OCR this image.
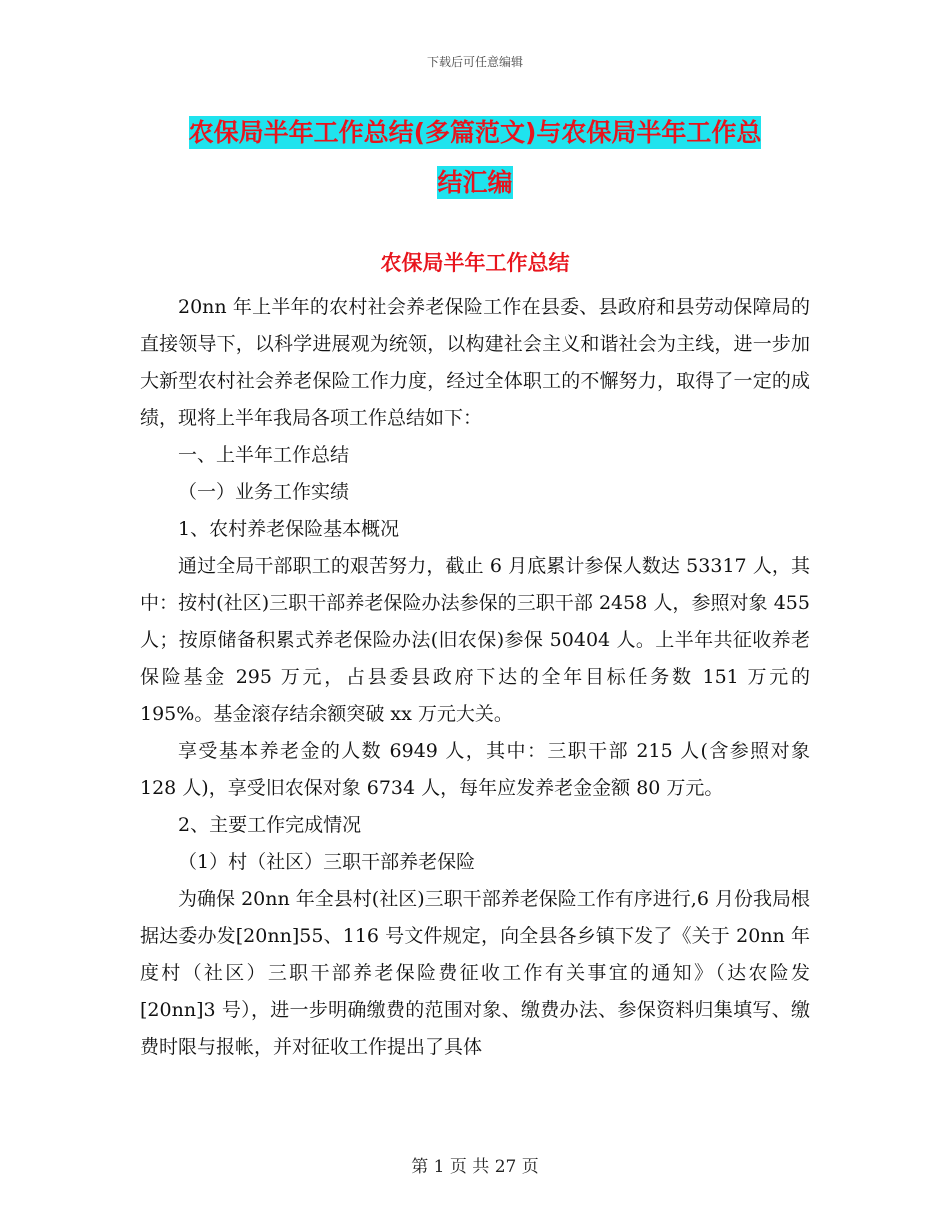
下载后可任意编辑
农保局半年工作总结(多篇范文)与农保局半年工作总
结汇编
农保局半年工作总结

20nn 年上半年的农村社会养老保险工作在县委、县政府和县劳动保障局的直接领导下，以科学进展观为统领，以构建社会主义和谐社会为主线，进一步加大新型农村社会养老保险工作力度，经过全体职工的不懈努力，取得了一定的成绩，现将上半年我局各项工作总结如下：

一、上半年工作总结

（一）业务工作实绩

1、农村养老保险基本概况

通过全局干部职工的艰苦努力，截止 6 月底累计参保人数达 53317 人，其中：按村(社区)三职干部养老保险办法参保的三职干部 2458 人，参照对象 455 人；按原储备积累式养老保险办法(旧农保)参保 50404 人。上半年共征收养老保险基金 295 万元，占县委县政府下达的全年目标任务数 151 万元的 195%。基金滚存结余额突破 xx 万元大关。

享受基本养老金的人数 6949 人，其中：三职干部 215 人(含参照对象 128 人)，享受旧农保对象 6734 人，每年应发养老金金额 80 万元。

2、主要工作完成情况

（1）村（社区）三职干部养老保险

为确保 20nn 年全县村(社区)三职干部养老保险工作有序进行,6 月份我局根据达委办发[20nn]55、116 号文件规定，向全县各乡镇下发了《关于 20nn 年度村（社区）三职干部养老保险费征收工作有关事宜的通知》（达农险发[20nn]3 号），进一步明确缴费的范围对象、缴费办法、参保资料归集填写、缴费时限与报帐，并对征收工作提出了具体

第 1 页 共 27 页
